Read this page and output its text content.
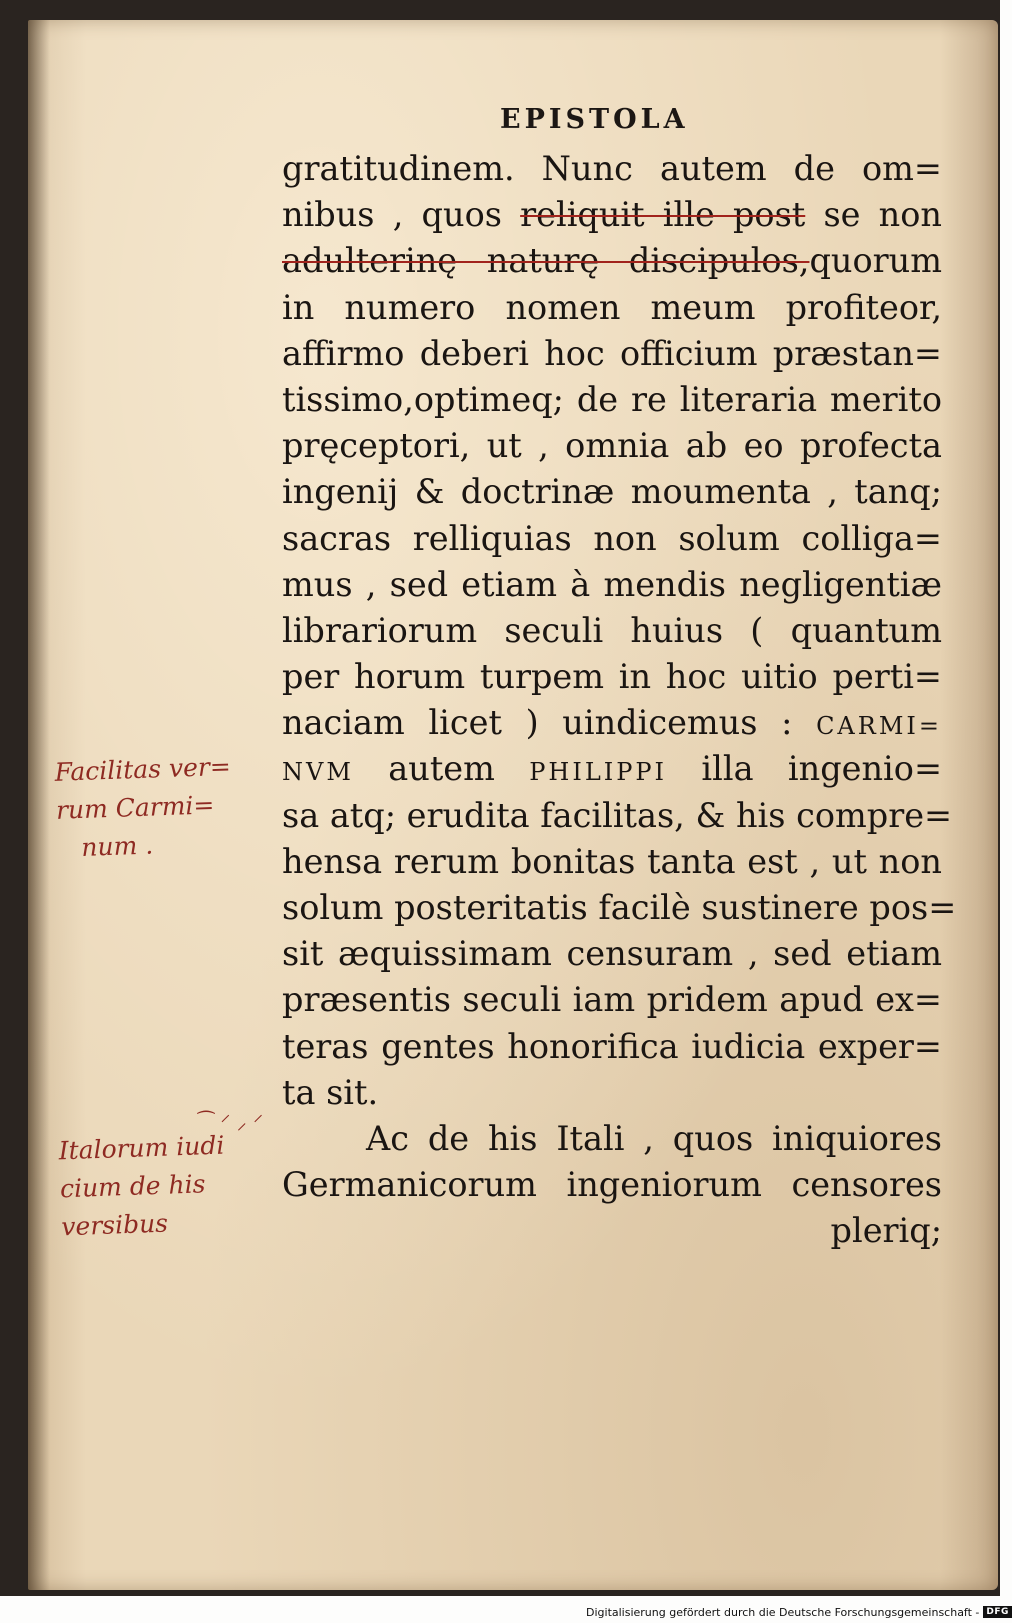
EPISTOLA
gratitudinem. Nunc autem de om=
nibus , quos reliquit ille post se non
adulterinę naturę discipulos,quorum
in numero nomen meum profiteor,
affirmo deberi hoc officium præstan=
tissimo,optimeq; de re literaria merito
pręceptori, ut , omnia ab eo profecta
ingenij & doctrinæ moumenta , tanq;
sacras relliquias non solum colliga=
mus , sed etiam à mendis negligentiæ
librariorum seculi huius ( quantum
per horum turpem in hoc uitio perti=
naciam licet ) uindicemus : CARMI=
NVM autem PHILIPPI illa ingenio=
sa atq; erudita facilitas, & his compre=
hensa rerum bonitas tanta est , ut non
solum posteritatis facilè sustinere pos=
sit æquissimam censuram , sed etiam
præsentis seculi iam pridem apud ex=
teras gentes honorifica iudicia exper=
ta sit.
Ac de his Itali , quos iniquiores
Germanicorum ingeniorum censores
pleriq;
Facilitas ver=
rum Carmi=
num .
⁀ ⸍ ⸝ ⸍
Italorum iudi
cium de his
versibus
Digitalisierung gefördert durch die Deutsche Forschungsgemeinschaft - DFG
